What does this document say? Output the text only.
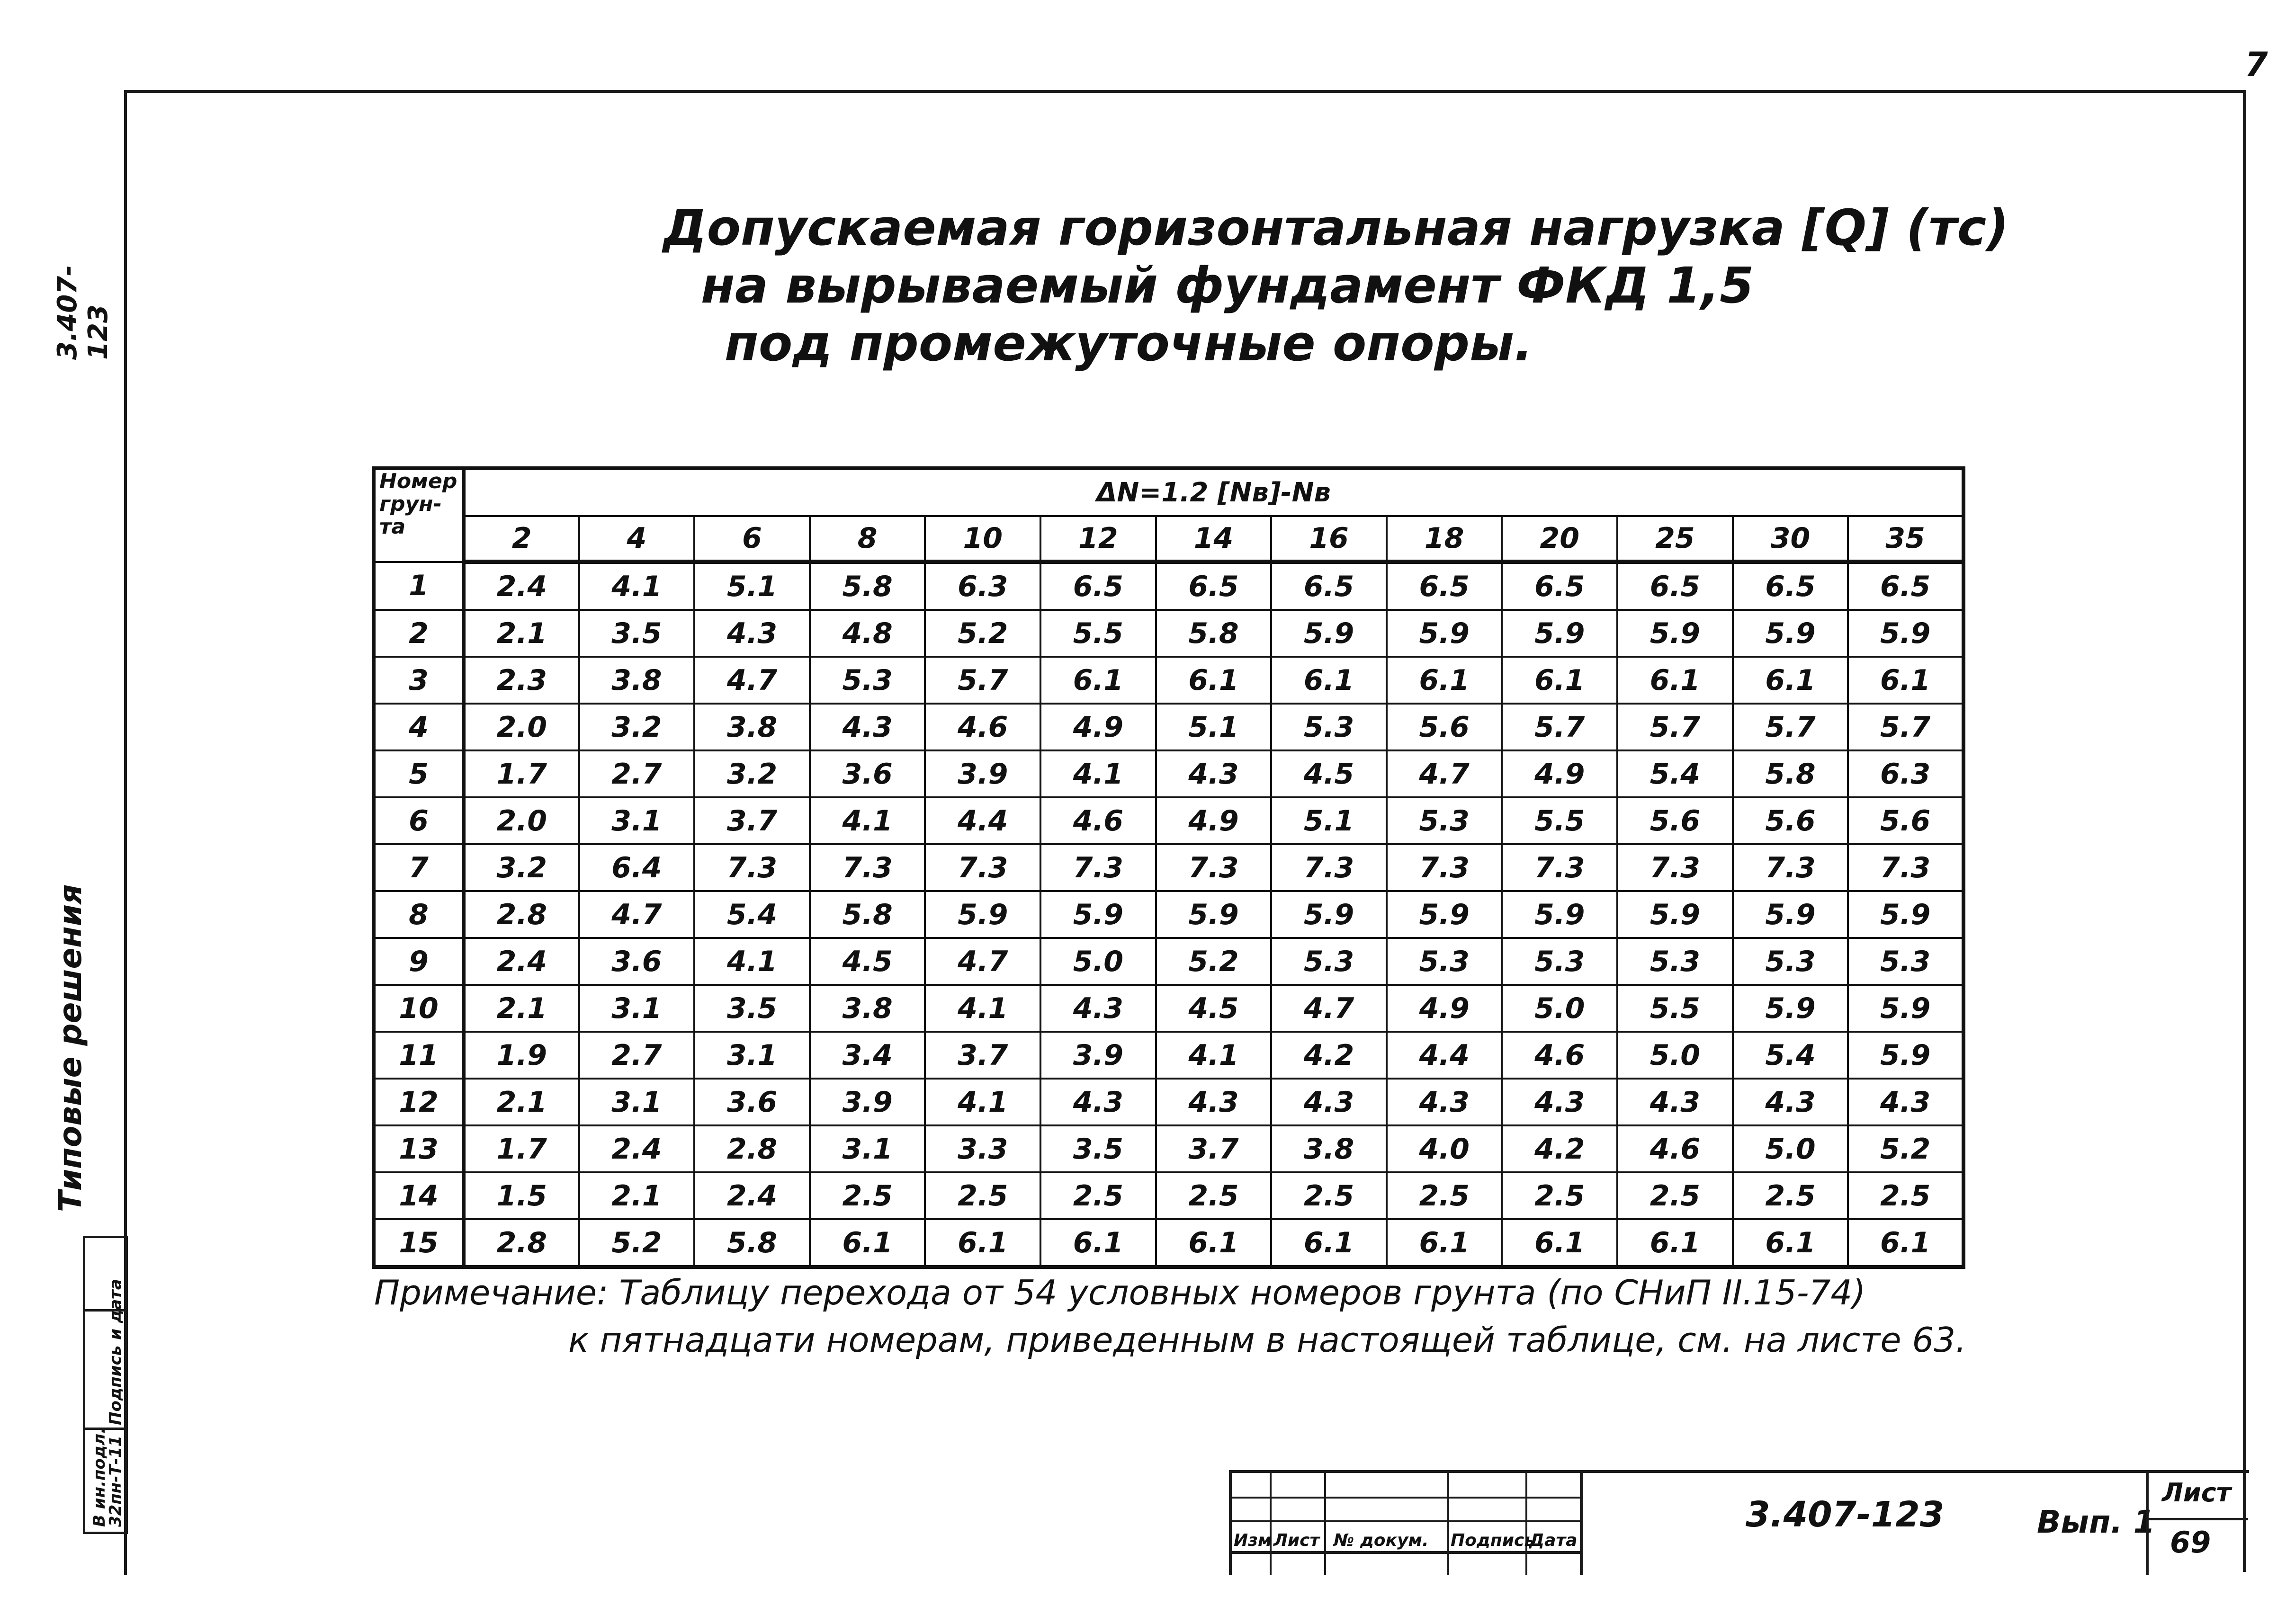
7
3.407-123
Типовые решения
В ин.подл.
Подпись и дата
32пн-Т-11
Допускаемая горизонтальная нагрузка [Q] (тс)
на вырываемый фундамент ФКД 1,5
под промежуточные опоры.
Номер грун- та	ΔN=1.2 [Nв]-Nв												
	2	4	6	8	10	12	14	16	18	20	25	30	35
1	2.4	4.1	5.1	5.8	6.3	6.5	6.5	6.5	6.5	6.5	6.5	6.5	6.5
2	2.1	3.5	4.3	4.8	5.2	5.5	5.8	5.9	5.9	5.9	5.9	5.9	5.9
3	2.3	3.8	4.7	5.3	5.7	6.1	6.1	6.1	6.1	6.1	6.1	6.1	6.1
4	2.0	3.2	3.8	4.3	4.6	4.9	5.1	5.3	5.6	5.7	5.7	5.7	5.7
5	1.7	2.7	3.2	3.6	3.9	4.1	4.3	4.5	4.7	4.9	5.4	5.8	6.3
6	2.0	3.1	3.7	4.1	4.4	4.6	4.9	5.1	5.3	5.5	5.6	5.6	5.6
7	3.2	6.4	7.3	7.3	7.3	7.3	7.3	7.3	7.3	7.3	7.3	7.3	7.3
8	2.8	4.7	5.4	5.8	5.9	5.9	5.9	5.9	5.9	5.9	5.9	5.9	5.9
9	2.4	3.6	4.1	4.5	4.7	5.0	5.2	5.3	5.3	5.3	5.3	5.3	5.3
10	2.1	3.1	3.5	3.8	4.1	4.3	4.5	4.7	4.9	5.0	5.5	5.9	5.9
11	1.9	2.7	3.1	3.4	3.7	3.9	4.1	4.2	4.4	4.6	5.0	5.4	5.9
12	2.1	3.1	3.6	3.9	4.1	4.3	4.3	4.3	4.3	4.3	4.3	4.3	4.3
13	1.7	2.4	2.8	3.1	3.3	3.5	3.7	3.8	4.0	4.2	4.6	5.0	5.2
14	1.5	2.1	2.4	2.5	2.5	2.5	2.5	2.5	2.5	2.5	2.5	2.5	2.5
15	2.8	5.2	5.8	6.1	6.1	6.1	6.1	6.1	6.1	6.1	6.1	6.1	6.1
Примечание: Таблицу перехода от 54 условных номеров грунта (по СНиП II.15-74)
к пятнадцати номерам, приведенным в настоящей таблице, см. на листе 63.
Изм Лист № докум. Подпись
Дата
3.407-123	Вып. 1
Лист
69
